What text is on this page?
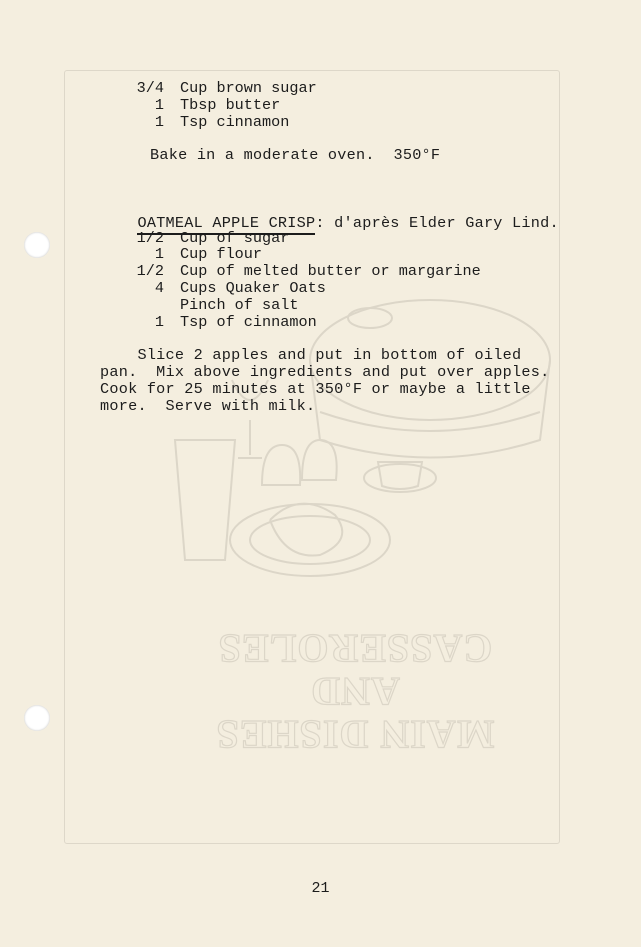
CASSEROLES
AND
MAIN DISHES
3/4 Cup brown sugar
1 Tbsp butter
1 Tsp cinnamon
Bake in a moderate oven.  350°F

OATMEAL APPLE CRISP: d'après Elder Gary Lind.

1/2 Cup of sugar
1 Cup flour
1/2 Cup of melted butter or margarine
4 Cups Quaker Oats
Pinch of salt
1 Tsp of cinnamon
Slice 2 apples and put in bottom of oiled
pan.  Mix above ingredients and put over apples.
Cook for 25 minutes at 350°F or maybe a little
more.  Serve with milk.
21
